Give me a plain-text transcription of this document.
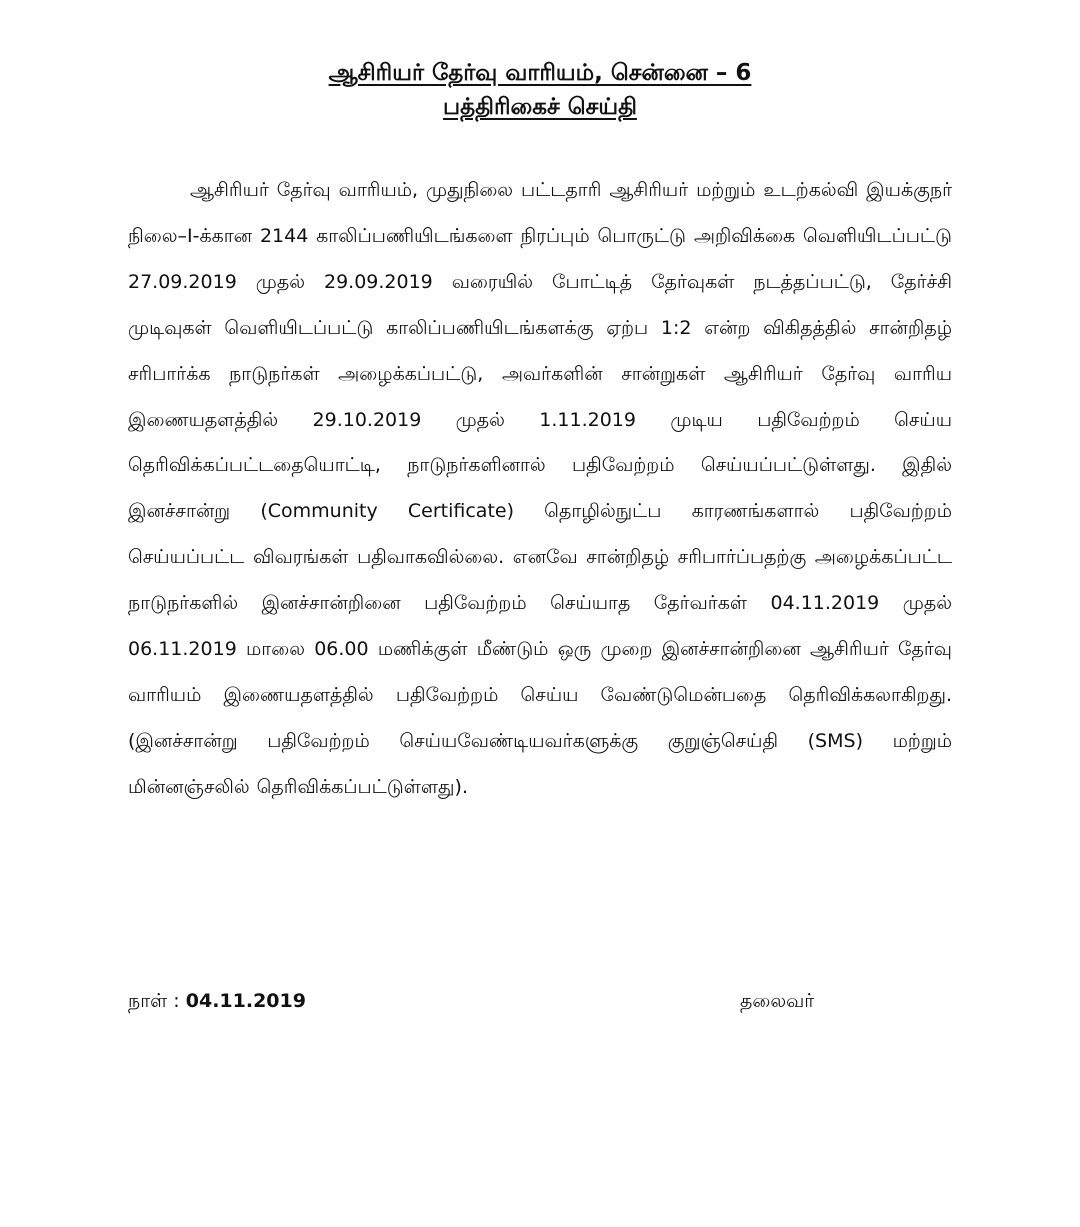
ஆசிரியர் தேர்வு வாரியம், சென்னை – 6
பத்திரிகைச் செய்தி

ஆசிரியர் தேர்வு வாரியம், முதுநிலை பட்டதாரி ஆசிரியர் மற்றும் உடற்கல்வி இயக்குநர் நிலை–I-க்கான 2144 காலிப்பணியிடங்களை நிரப்பும் பொருட்டு அறிவிக்கை வெளியிடப்பட்டு 27.09.2019 முதல் 29.09.2019 வரையில் போட்டித் தேர்வுகள் நடத்தப்பட்டு, தேர்ச்சி முடிவுகள் வெளியிடப்பட்டு காலிப்பணியிடங்களக்கு ஏற்ப 1:2 என்ற விகிதத்தில் சான்றிதழ் சரிபார்க்க நாடுநர்கள் அழைக்கப்பட்டு, அவர்களின் சான்றுகள் ஆசிரியர் தேர்வு வாரிய இணையதளத்தில் 29.10.2019 முதல் 1.11.2019 முடிய பதிவேற்றம் செய்ய தெரிவிக்கப்பட்டதையொட்டி, நாடுநர்களினால் பதிவேற்றம் செய்யப்பட்டுள்ளது. இதில் இனச்சான்று (Community Certificate) தொழில்நுட்ப காரணங்களால் பதிவேற்றம் செய்யப்பட்ட விவரங்கள் பதிவாகவில்லை. எனவே சான்றிதழ் சரிபார்ப்பதற்கு அழைக்கப்பட்ட நாடுநர்களில் இனச்சான்றினை பதிவேற்றம் செய்யாத தேர்வர்கள் 04.11.2019 முதல் 06.11.2019 மாலை 06.00 மணிக்குள் மீண்டும் ஒரு முறை இனச்சான்றினை ஆசிரியர் தேர்வு வாரியம் இணையதளத்தில் பதிவேற்றம் செய்ய வேண்டுமென்பதை தெரிவிக்கலாகிறது. (இனச்சான்று பதிவேற்றம் செய்யவேண்டியவர்களுக்கு குறுஞ்செய்தி (SMS) மற்றும் மின்னஞ்சலில் தெரிவிக்கப்பட்டுள்ளது).

நாள் : 04.11.2019	தலைவர்
